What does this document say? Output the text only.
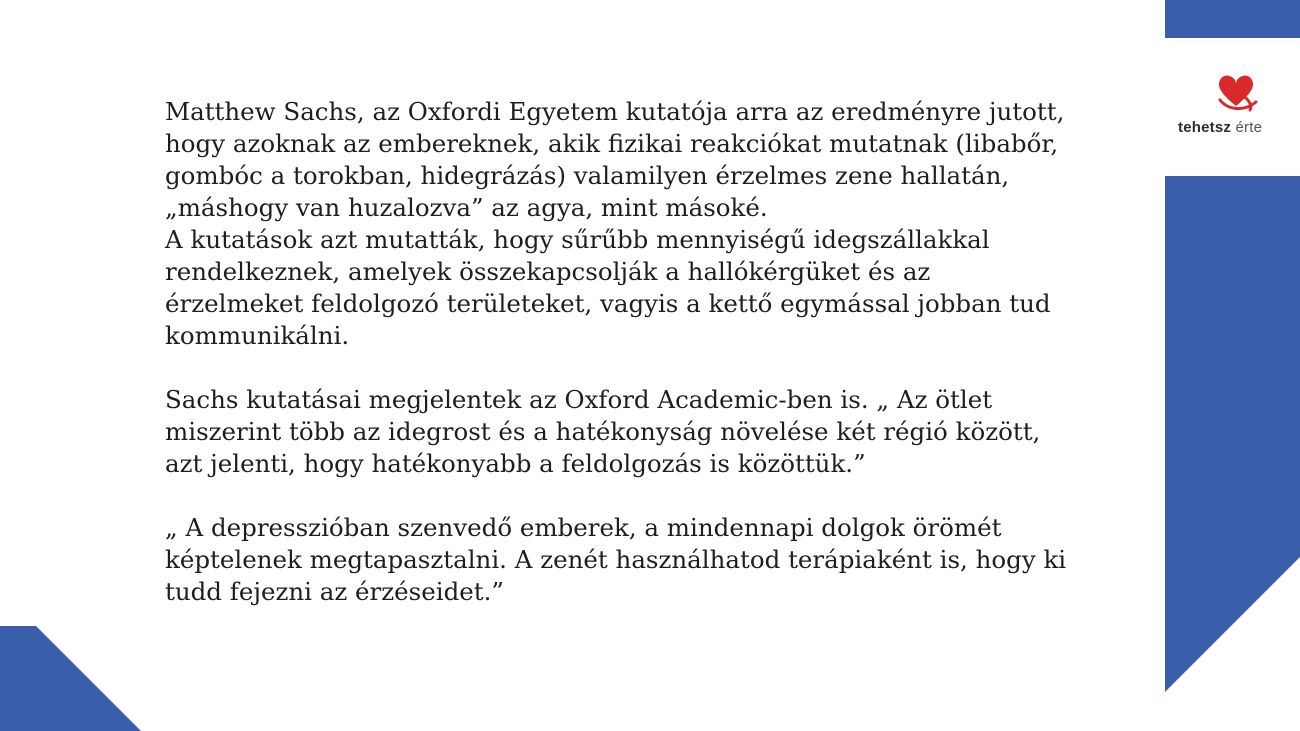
tehetsz érte

Matthew Sachs, az Oxfordi Egyetem kutatója arra az eredményre jutott,
hogy azoknak az embereknek, akik fizikai reakciókat mutatnak (libabőr,
gombóc a torokban, hidegrázás) valamilyen érzelmes zene hallatán,
„máshogy van huzalozva” az agya, mint másoké.
A kutatások azt mutatták, hogy sűrűbb mennyiségű idegszállakkal
rendelkeznek, amelyek összekapcsolják a hallókérgüket és az
érzelmeket feldolgozó területeket, vagyis a kettő egymással jobban tud
kommunikálni.

Sachs kutatásai megjelentek az Oxford Academic-ben is. „ Az ötlet
miszerint több az idegrost és a hatékonyság növelése két régió között,
azt jelenti, hogy hatékonyabb a feldolgozás is közöttük.”

„ A depresszióban szenvedő emberek, a mindennapi dolgok örömét
képtelenek megtapasztalni. A zenét használhatod terápiaként is, hogy ki
tudd fejezni az érzéseidet.”
